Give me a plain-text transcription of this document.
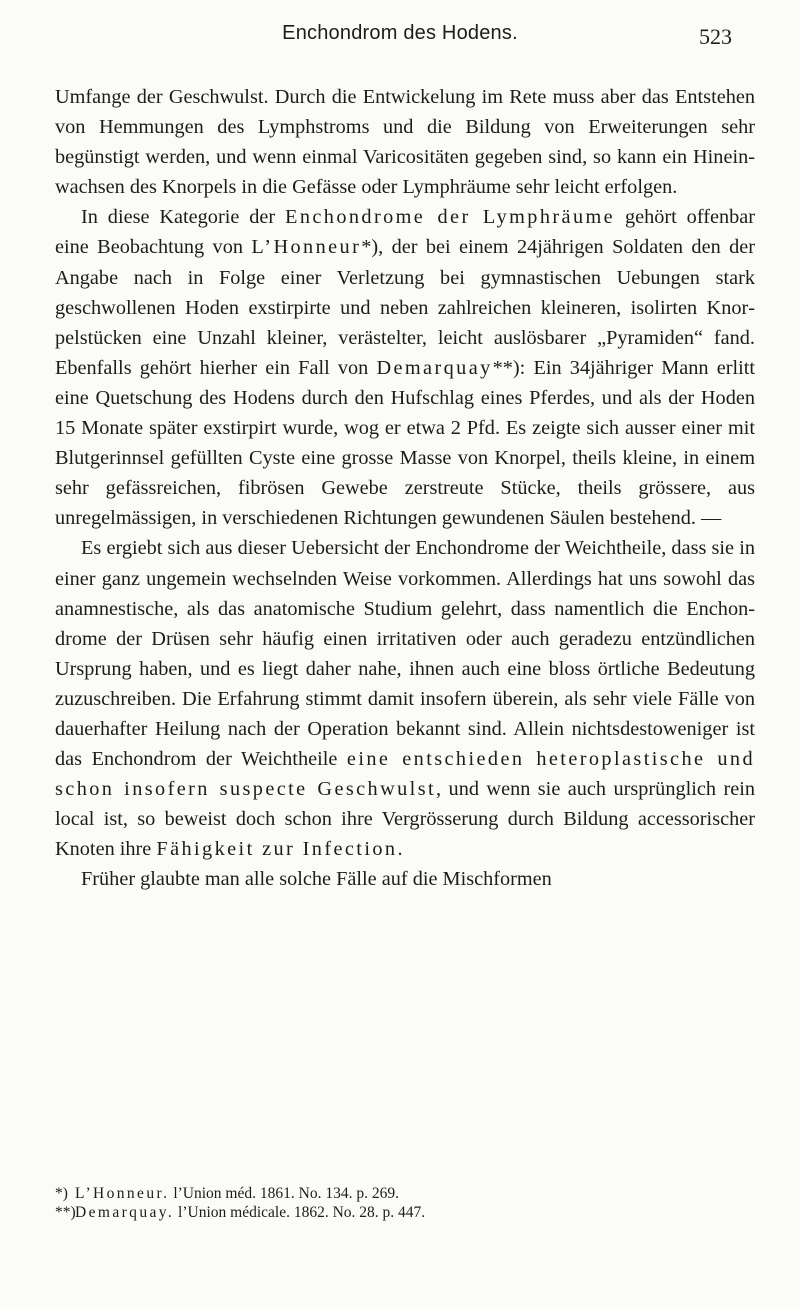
Enchondrom des Hodens.	523

Umfange der Geschwulst. Durch die Entwickelung im Rete muss aber das Entstehen von Hemmungen des Lymphstroms und die Bildung von Erweiterungen sehr begünstigt werden, und wenn einmal Varicositäten gegeben sind, so kann ein Hineinwachsen des Knorpels in die Gefässe oder Lymphräume sehr leicht erfolgen.

In diese Kategorie der Enchondrome der Lymphräume gehört offenbar eine Beobachtung von L’Honneur*), der bei einem 24jährigen Soldaten den der Angabe nach in Folge einer Verletzung bei gymnastischen Uebungen stark geschwollenen Hoden exstirpirte und neben zahlreichen kleineren, isolirten Knorpelstücken eine Unzahl kleiner, verästelter, leicht auslösbarer „Pyramiden“ fand. Ebenfalls gehört hierher ein Fall von Demarquay**): Ein 34jähriger Mann erlitt eine Quetschung des Hodens durch den Hufschlag eines Pferdes, und als der Hoden 15 Monate später exstirpirt wurde, wog er etwa 2 Pfd. Es zeigte sich ausser einer mit Blutgerinnsel gefüllten Cyste eine grosse Masse von Knorpel, theils kleine, in einem sehr gefässreichen, fibrösen Gewebe zerstreute Stücke, theils grössere, aus unregelmässigen, in verschiedenen Richtungen gewundenen Säulen bestehend. —

Es ergiebt sich aus dieser Uebersicht der Enchondrome der Weichtheile, dass sie in einer ganz ungemein wechselnden Weise vorkommen. Allerdings hat uns sowohl das anamnestische, als das anatomische Studium gelehrt, dass namentlich die Enchondrome der Drüsen sehr häufig einen irritativen oder auch geradezu entzündlichen Ursprung haben, und es liegt daher nahe, ihnen auch eine bloss örtliche Bedeutung zuzuschreiben. Die Erfahrung stimmt damit insofern überein, als sehr viele Fälle von dauerhafter Heilung nach der Operation bekannt sind. Allein nichtsdestoweniger ist das Enchondrom der Weichtheile eine entschieden heteroplastische und schon insofern suspecte Geschwulst, und wenn sie auch ursprünglich rein local ist, so beweist doch schon ihre Vergrösserung durch Bildung accessorischer Knoten ihre Fähigkeit zur Infection.

Früher glaubte man alle solche Fälle auf die Mischformen

*) L’Honneur. l’Union méd. 1861. No. 134. p. 269.

**)Demarquay. l’Union médicale. 1862. No. 28. p. 447.
